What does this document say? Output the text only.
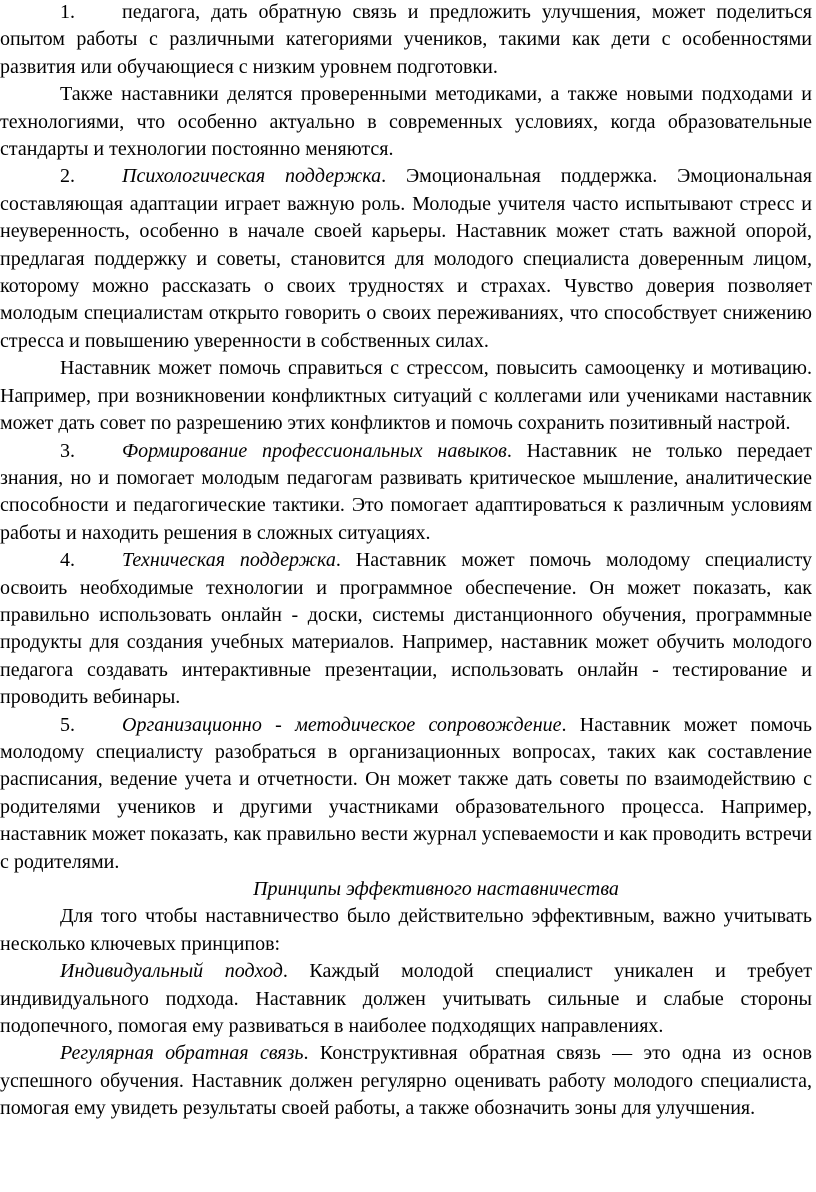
1. педагога, дать обратную связь и предложить улучшения, может поделиться опытом работы с различными категориями учеников, такими как дети с особенностями развития или обучающиеся с низким уровнем подготовки.

Также наставники делятся проверенными методиками, а также новыми подходами и технологиями, что особенно актуально в современных условиях, когда образовательные стандарты и технологии постоянно меняются.

2. Психологическая поддержка. Эмоциональная поддержка. Эмоциональная составляющая адаптации играет важную роль. Молодые учителя часто испытывают стресс и неуверенность, особенно в начале своей карьеры. Наставник может стать важной опорой, предлагая поддержку и советы, становится для молодого специалиста доверенным лицом, которому можно рассказать о своих трудностях и страхах. Чувство доверия позволяет молодым специалистам открыто говорить о своих переживаниях, что способствует снижению стресса и повышению уверенности в собственных силах.

Наставник может помочь справиться с стрессом, повысить самооценку и мотивацию. Например, при возникновении конфликтных ситуаций с коллегами или учениками наставник может дать совет по разрешению этих конфликтов и помочь сохранить позитивный настрой.

3. Формирование профессиональных навыков. Наставник не только передает знания, но и помогает молодым педагогам развивать критическое мышление, аналитические способности и педагогические тактики. Это помогает адаптироваться к различным условиям работы и находить решения в сложных ситуациях.

4. Техническая поддержка. Наставник может помочь молодому специалисту освоить необходимые технологии и программное обеспечение. Он может показать, как правильно использовать онлайн - доски, системы дистанционного обучения, программные продукты для создания учебных материалов. Например, наставник может обучить молодого педагога создавать интерактивные презентации, использовать онлайн - тестирование и проводить вебинары.

5. Организационно - методическое сопровождение. Наставник может помочь молодому специалисту разобраться в организационных вопросах, таких как составление расписания, ведение учета и отчетности. Он может также дать советы по взаимодействию с родителями учеников и другими участниками образовательного процесса. Например, наставник может показать, как правильно вести журнал успеваемости и как проводить встречи с родителями.

Принципы эффективного наставничества

Для того чтобы наставничество было действительно эффективным, важно учитывать несколько ключевых принципов:

Индивидуальный подход. Каждый молодой специалист уникален и требует индивидуального подхода. Наставник должен учитывать сильные и слабые стороны подопечного, помогая ему развиваться в наиболее подходящих направлениях.

Регулярная обратная связь. Конструктивная обратная связь — это одна из основ успешного обучения. Наставник должен регулярно оценивать работу молодого специалиста, помогая ему увидеть результаты своей работы, а также обозначить зоны для улучшения.
